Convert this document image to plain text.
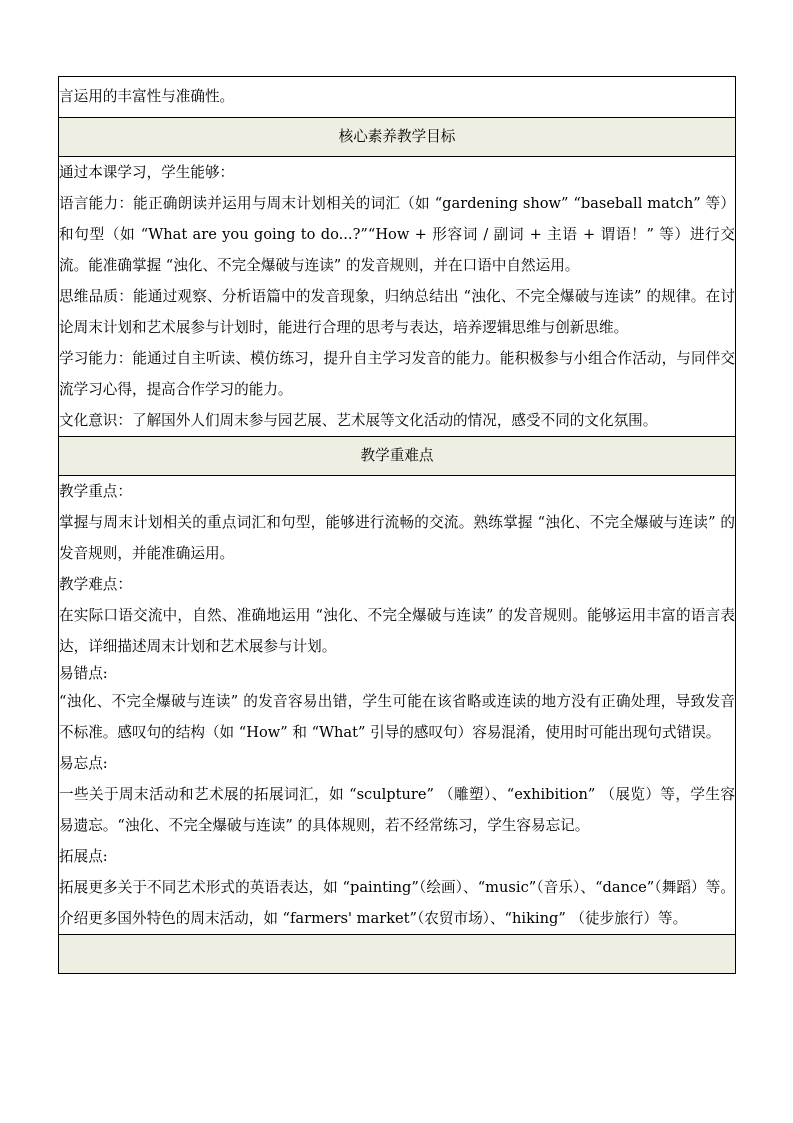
言运用的丰富性与准确性。

核心素养教学目标

通过本课学习，学生能够：

语言能力：能正确朗读并运用与周末计划相关的词汇（如 “gardening show” “baseball match” 等）和句型（如 “What are you going to do...?”“How + 形容词 / 副词 + 主语 + 谓语！” 等）进行交流。能准确掌握 “浊化、不完全爆破与连读” 的发音规则，并在口语中自然运用。

思维品质：能通过观察、分析语篇中的发音现象，归纳总结出 “浊化、不完全爆破与连读” 的规律。在讨论周末计划和艺术展参与计划时，能进行合理的思考与表达，培养逻辑思维与创新思维。

学习能力：能通过自主听读、模仿练习，提升自主学习发音的能力。能积极参与小组合作活动，与同伴交流学习心得，提高合作学习的能力。

文化意识：了解国外人们周末参与园艺展、艺术展等文化活动的情况，感受不同的文化氛围。

教学重难点

教学重点：

掌握与周末计划相关的重点词汇和句型，能够进行流畅的交流。熟练掌握 “浊化、不完全爆破与连读” 的发音规则，并能准确运用。

教学难点：

在实际口语交流中，自然、准确地运用 “浊化、不完全爆破与连读” 的发音规则。能够运用丰富的语言表达，详细描述周末计划和艺术展参与计划。

易错点:

“浊化、不完全爆破与连读” 的发音容易出错，学生可能在该省略或连读的地方没有正确处理，导致发音不标准。感叹句的结构（如 “How” 和 “What” 引导的感叹句）容易混淆，使用时可能出现句式错误。

易忘点:

一些关于周末活动和艺术展的拓展词汇，如 “sculpture” （雕塑）、“exhibition” （展览）等，学生容易遗忘。“浊化、不完全爆破与连读” 的具体规则，若不经常练习，学生容易忘记。

拓展点:

拓展更多关于不同艺术形式的英语表达，如 “painting”（绘画）、“music”（音乐）、“dance”（舞蹈）等。介绍更多国外特色的周末活动，如 “farmers' market”（农贸市场）、“hiking” （徒步旅行）等。
